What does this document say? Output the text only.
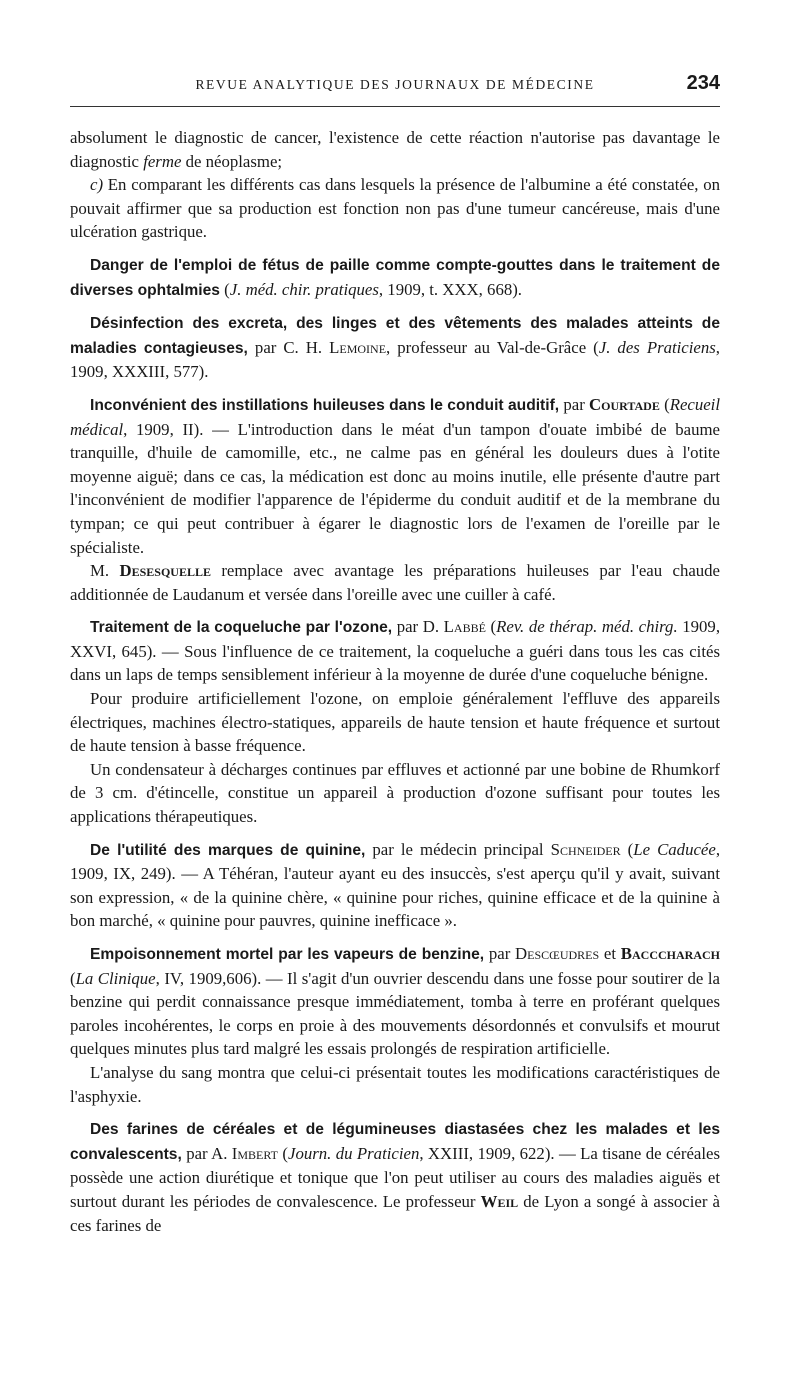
REVUE ANALYTIQUE DES JOURNAUX DE MÉDECINE	234

absolument le diagnostic de cancer, l'existence de cette réaction n'autorise pas davantage le diagnostic ferme de néoplasme;

c) En comparant les différents cas dans lesquels la présence de l'albumine a été constatée, on pouvait affirmer que sa production est fonction non pas d'une tumeur cancéreuse, mais d'une ulcération gastrique.

Danger de l'emploi de fétus de paille comme compte-gouttes dans le traitement de diverses ophtalmies (J. méd. chir. pratiques, 1909, t. XXX, 668).

Désinfection des excreta, des linges et des vêtements des malades atteints de maladies contagieuses, par C. H. Lemoine, professeur au Val-de-Grâce (J. des Praticiens, 1909, XXXIII, 577).

Inconvénient des instillations huileuses dans le conduit auditif, par Courtade (Recueil médical, 1909, II). — L'introduction dans le méat d'un tampon d'ouate imbibé de baume tranquille, d'huile de camomille, etc., ne calme pas en général les douleurs dues à l'otite moyenne aiguë; dans ce cas, la médication est donc au moins inutile, elle présente d'autre part l'inconvénient de modifier l'apparence de l'épiderme du conduit auditif et de la membrane du tympan; ce qui peut contribuer à égarer le diagnostic lors de l'examen de l'oreille par le spécialiste.

M. Desesquelle remplace avec avantage les préparations huileuses par l'eau chaude additionnée de Laudanum et versée dans l'oreille avec une cuiller à café.

Traitement de la coqueluche par l'ozone, par D. Labbé (Rev. de thérap. méd. chirg. 1909, XXVI, 645). — Sous l'influence de ce traitement, la coqueluche a guéri dans tous les cas cités dans un laps de temps sensiblement inférieur à la moyenne de durée d'une coqueluche bénigne.

Pour produire artificiellement l'ozone, on emploie généralement l'effluve des appareils électriques, machines électro-statiques, appareils de haute tension et haute fréquence et surtout de haute tension à basse fréquence.

Un condensateur à décharges continues par effluves et actionné par une bobine de Rhumkorf de 3 cm. d'étincelle, constitue un appareil à production d'ozone suffisant pour toutes les applications thérapeutiques.

De l'utilité des marques de quinine, par le médecin principal Schneider (Le Caducée, 1909, IX, 249). — A Téhéran, l'auteur ayant eu des insuccès, s'est aperçu qu'il y avait, suivant son expression, « de la quinine chère, « quinine pour riches, quinine efficace et de la quinine à bon marché, « quinine pour pauvres, quinine inefficace ».

Empoisonnement mortel par les vapeurs de benzine, par Descœudres et Bacccharach (La Clinique, IV, 1909,606). — Il s'agit d'un ouvrier descendu dans une fosse pour soutirer de la benzine qui perdit connaissance presque immédiatement, tomba à terre en proférant quelques paroles incohérentes, le corps en proie à des mouvements désordonnés et convulsifs et mourut quelques minutes plus tard malgré les essais prolongés de respiration artificielle.

L'analyse du sang montra que celui-ci présentait toutes les modifications caractéristiques de l'asphyxie.

Des farines de céréales et de légumineuses diastasées chez les malades et les convalescents, par A. Imbert (Journ. du Praticien, XXIII, 1909, 622). — La tisane de céréales possède une action diurétique et tonique que l'on peut utiliser au cours des maladies aiguës et surtout durant les périodes de convalescence. Le professeur Weil de Lyon a songé à associer à ces farines de
